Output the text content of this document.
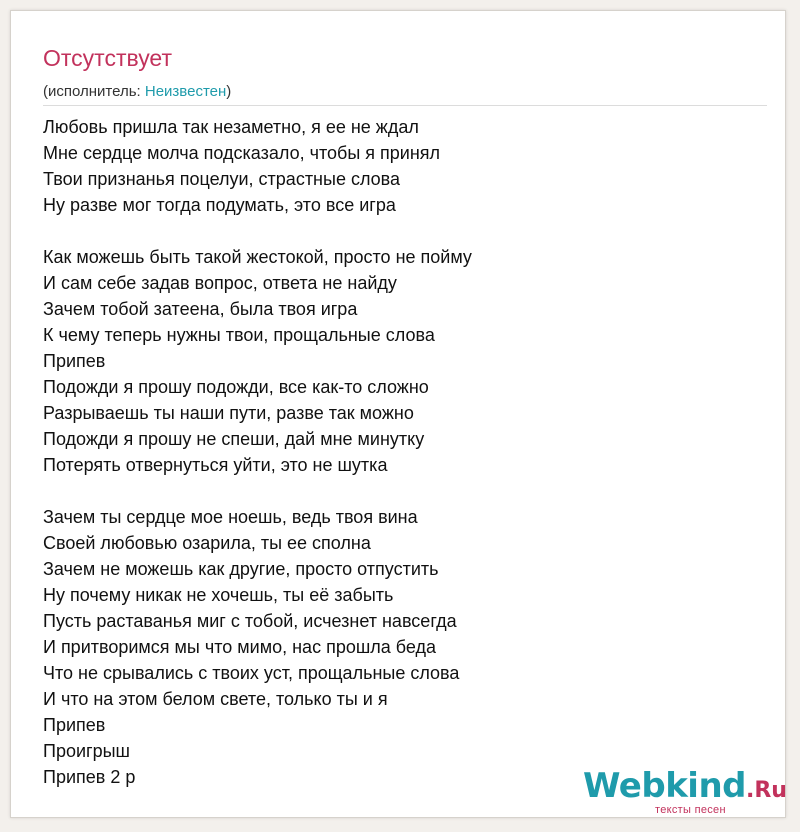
Отсутствует
(исполнитель: Неизвестен)
Любовь пришла так незаметно, я ее не ждал
Мне сердце молча подсказало, чтобы я принял
Твои признанья поцелуи, страстные слова
Ну разве мог тогда подумать, это все игра
Как можешь быть такой жестокой, просто не пойму
И сам себе задав вопрос, ответа не найду
Зачем тобой затеена, была твоя игра
К чему теперь нужны твои, прощальные слова
Припев
Подожди я прошу подожди, все как-то сложно
Разрываешь ты наши пути, разве так можно
Подожди я прошу не спеши, дай мне минутку
Потерять отвернуться уйти, это не шутка
Зачем ты сердце мое ноешь, ведь твоя вина
Своей любовью озарила, ты ее сполна
Зачем не можешь как другие, просто отпустить
Ну почему никак не хочешь, ты её забыть
Пусть раставанья миг с тобой, исчезнет навсегда
И притворимся мы что мимо, нас прошла беда
Что не срывались с твоих уст, прощальные слова
И что на этом белом свете, только ты и я
Припев
Проигрыш
Припев 2 р	Webkind.Ru
тексты песен
